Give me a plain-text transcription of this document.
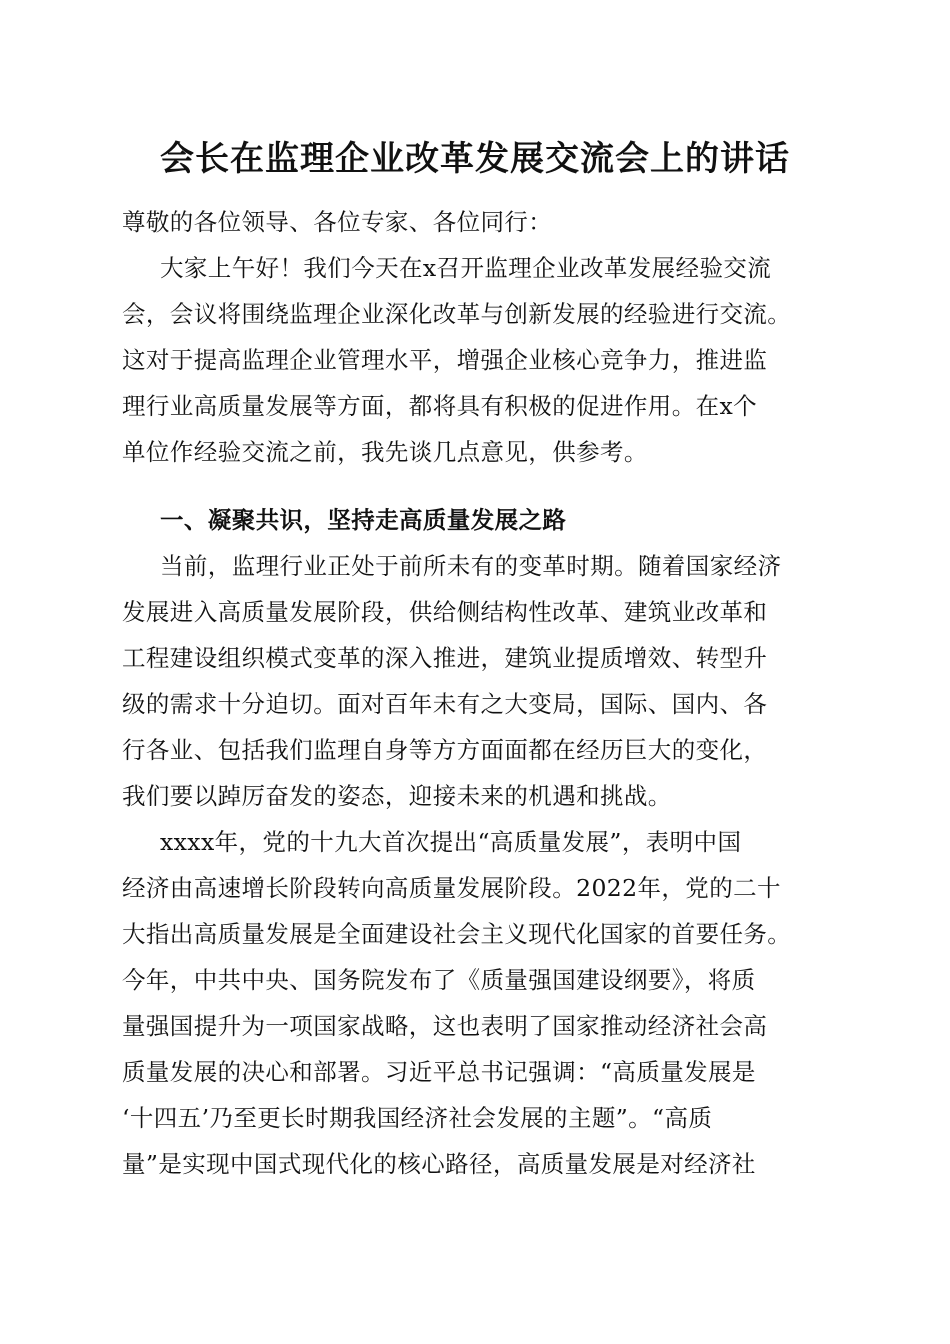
会长在监理企业改革发展交流会上的讲话
尊敬的各位领导、各位专家、各位同行：
大家上午好！我们今天在x召开监理企业改革发展经验交流
会，会议将围绕监理企业深化改革与创新发展的经验进行交流。
这对于提高监理企业管理水平，增强企业核心竞争力，推进监
理行业高质量发展等方面，都将具有积极的促进作用。在x个
单位作经验交流之前，我先谈几点意见，供参考。
一、凝聚共识，坚持走高质量发展之路
当前，监理行业正处于前所未有的变革时期。随着国家经济
发展进入高质量发展阶段，供给侧结构性改革、建筑业改革和
工程建设组织模式变革的深入推进，建筑业提质增效、转型升
级的需求十分迫切。面对百年未有之大变局，国际、国内、各
行各业、包括我们监理自身等方方面面都在经历巨大的变化，
我们要以踔厉奋发的姿态，迎接未来的机遇和挑战。
xxxx年，党的十九大首次提出“高质量发展”，表明中国
经济由高速增长阶段转向高质量发展阶段。2022年，党的二十
大指出高质量发展是全面建设社会主义现代化国家的首要任务。
今年，中共中央、国务院发布了《质量强国建设纲要》，将质
量强国提升为一项国家战略，这也表明了国家推动经济社会高
质量发展的决心和部署。习近平总书记强调：“高质量发展是
‘十四五’乃至更长时期我国经济社会发展的主题”。“高质
量”是实现中国式现代化的核心路径，高质量发展是对经济社
